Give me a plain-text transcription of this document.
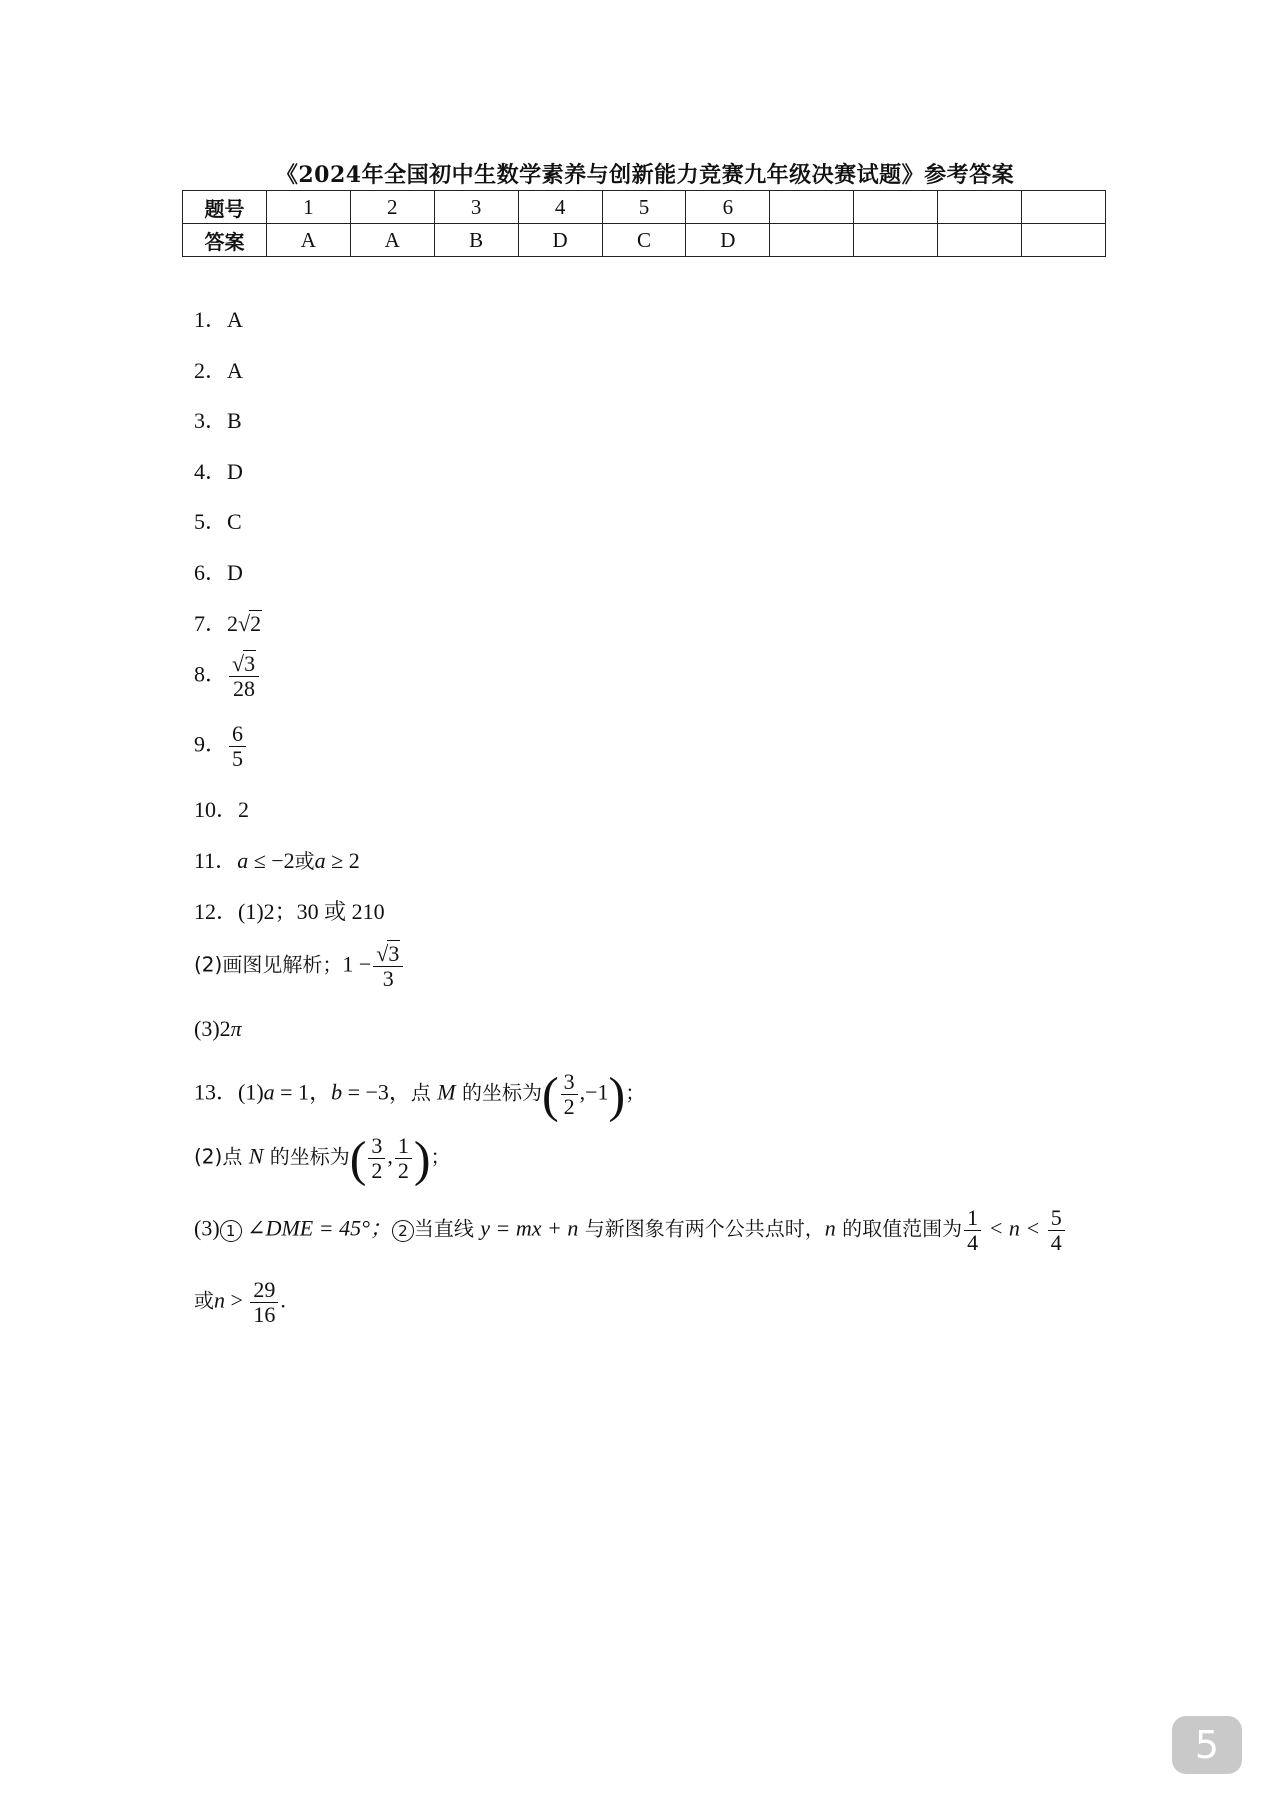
《2024年全国初中生数学素养与创新能力竞赛九年级决赛试题》参考答案
题号	1	2	3	4	5	6				
答案	A	A	B	D	C	D				
1．A
2．A
3．B
4．D
5．C
6．D
7．2√2
8． $\frac{√3}{28}$
9． $\frac{6}{5}$
10．2
11．a ≤ −2或a ≥ 2
12．(1)2；30 或 210
(2)画图见解析；$1 - \frac{√3}{3}$
(3)2π
13．(1)a = 1，b = −3，点 M 的坐标为( $\frac{3}{2} ,-1$)；
(2)点 N 的坐标为( $\frac{3}{2}$ , $\frac{1}{2}$ )；
(3) 1 ∠DME = 45°； 2 当直线 y = mx + n 与新图象有两个公共点时，n 的取值范围为 $\frac{1}{4} < n < \frac{5}{4}$
或$n > \frac{29}{16}$ .
5
